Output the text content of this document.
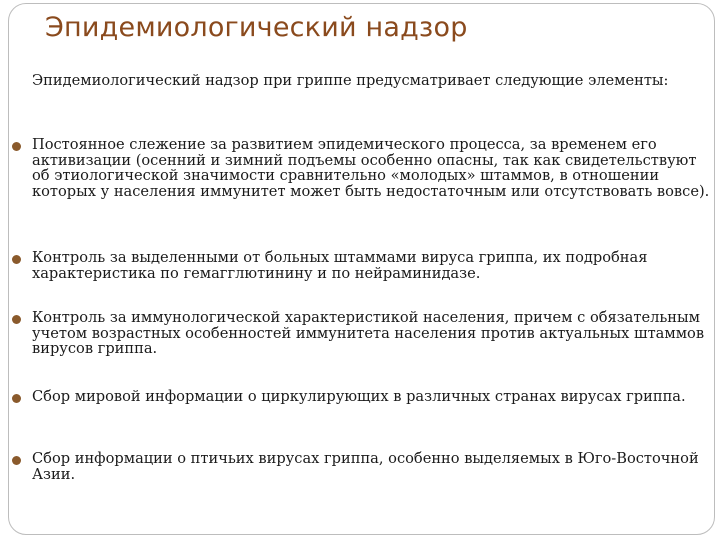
Эпидемиологический надзор
Эпидемиологический надзор при гриппе предусматривает следующие элементы:
Постоянное слежение за развитием эпидемического процесса, за временем его активизации (осенний и зимний подъемы особенно опасны, так как свидетельствуют об этиологической значимости сравнительно «молодых» штаммов, в отношении которых у населения иммунитет может быть недостаточным или отсутствовать вовсе).
Контроль за выделенными от больных штаммами вируса гриппа, их подробная характеристика по гемагглютинину и по нейраминидазе.
Контроль за иммунологической характеристикой населения, причем с обязательным учетом возрастных особенностей иммунитета населения против актуальных штаммов вирусов гриппа.
Сбор мировой информации о циркулирующих в различных странах вирусах гриппа.
Сбор информации о птичьих вирусах гриппа, особенно выделяемых в Юго-Восточной Азии.
